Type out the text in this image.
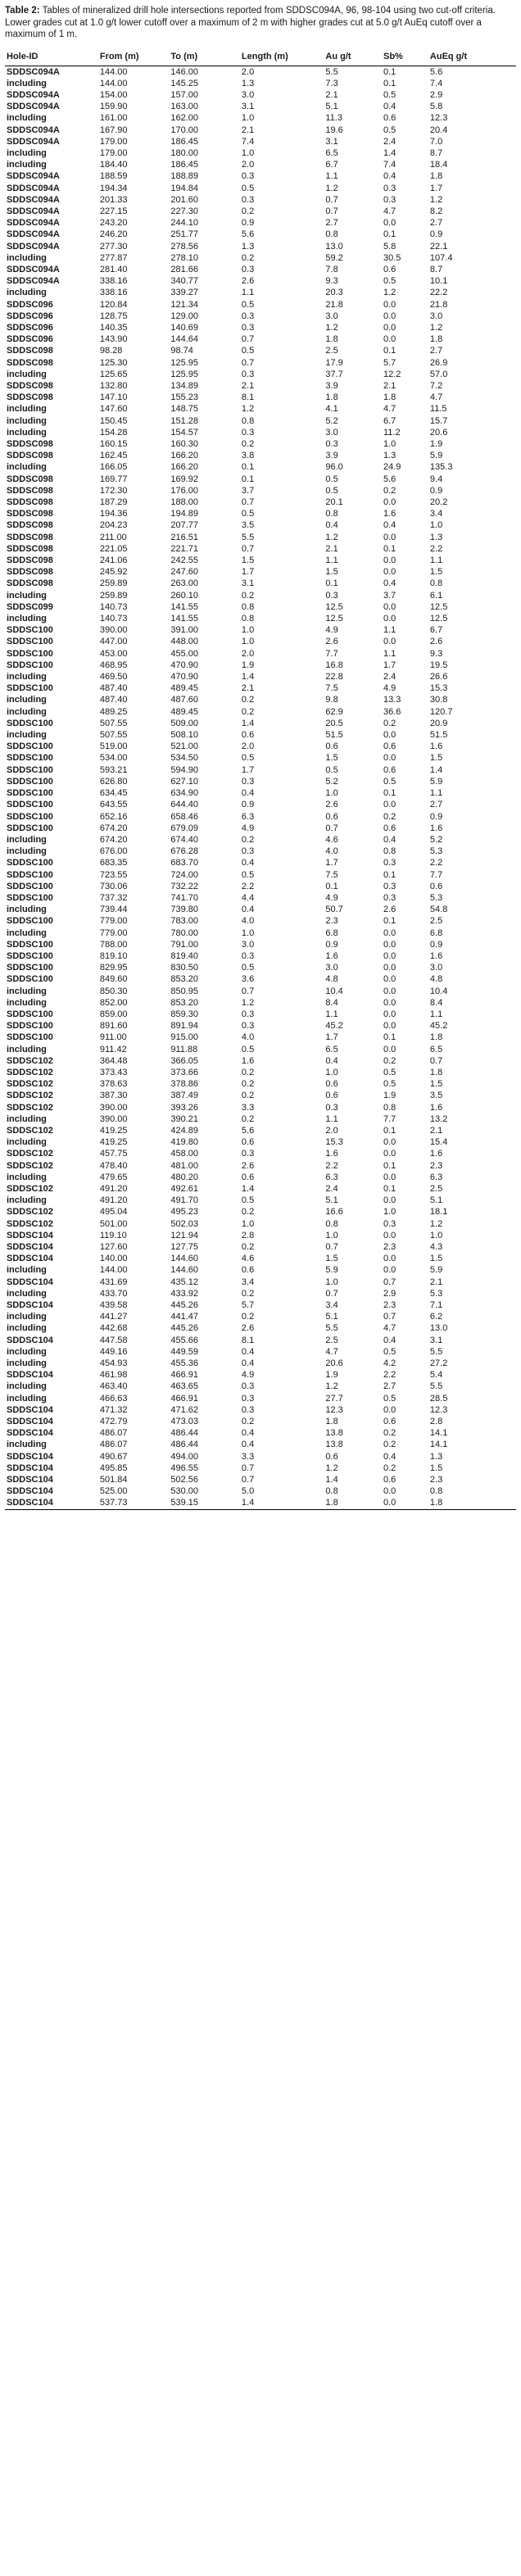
Table 2: Tables of mineralized drill hole intersections reported from SDDSC094A, 96, 98-104 using two cut-off criteria. Lower grades cut at 1.0 g/t lower cutoff over a maximum of 2 m with higher grades cut at 5.0 g/t AuEq cutoff over a maximum of 1 m.
Hole-ID	From (m)	To (m)	Length (m)	Au g/t	Sb%	AuEq g/t
SDDSC094A	144.00	146.00	2.0	5.5	0.1	5.6
including	144.00	145.25	1.3	7.3	0.1	7.4
SDDSC094A	154.00	157.00	3.0	2.1	0.5	2.9
SDDSC094A	159.90	163.00	3.1	5.1	0.4	5.8
including	161.00	162.00	1.0	11.3	0.6	12.3
SDDSC094A	167.90	170.00	2.1	19.6	0.5	20.4
SDDSC094A	179.00	186.45	7.4	3.1	2.4	7.0
including	179.00	180.00	1.0	6.5	1.4	8.7
including	184.40	186.45	2.0	6.7	7.4	18.4
SDDSC094A	188.59	188.89	0.3	1.1	0.4	1.8
SDDSC094A	194.34	194.84	0.5	1.2	0.3	1.7
SDDSC094A	201.33	201.60	0.3	0.7	0.3	1.2
SDDSC094A	227.15	227.30	0.2	0.7	4.7	8.2
SDDSC094A	243.20	244.10	0.9	2.7	0.0	2.7
SDDSC094A	246.20	251.77	5.6	0.8	0.1	0.9
SDDSC094A	277.30	278.56	1.3	13.0	5.8	22.1
including	277.87	278.10	0.2	59.2	30.5	107.4
SDDSC094A	281.40	281.66	0.3	7.8	0.6	8.7
SDDSC094A	338.16	340.77	2.6	9.3	0.5	10.1
including	338.16	339.27	1.1	20.3	1.2	22.2
SDDSC096	120.84	121.34	0.5	21.8	0.0	21.8
SDDSC096	128.75	129.00	0.3	3.0	0.0	3.0
SDDSC096	140.35	140.69	0.3	1.2	0.0	1.2
SDDSC096	143.90	144.64	0.7	1.8	0.0	1.8
SDDSC098	98.28	98.74	0.5	2.5	0.1	2.7
SDDSC098	125.30	125.95	0.7	17.9	5.7	26.9
including	125.65	125.95	0.3	37.7	12.2	57.0
SDDSC098	132.80	134.89	2.1	3.9	2.1	7.2
SDDSC098	147.10	155.23	8.1	1.8	1.8	4.7
including	147.60	148.75	1.2	4.1	4.7	11.5
including	150.45	151.28	0.8	5.2	6.7	15.7
including	154.28	154.57	0.3	3.0	11.2	20.6
SDDSC098	160.15	160.30	0.2	0.3	1.0	1.9
SDDSC098	162.45	166.20	3.8	3.9	1.3	5.9
including	166.05	166.20	0.1	96.0	24.9	135.3
SDDSC098	169.77	169.92	0.1	0.5	5.6	9.4
SDDSC098	172.30	176.00	3.7	0.5	0.2	0.9
SDDSC098	187.29	188.00	0.7	20.1	0.0	20.2
SDDSC098	194.36	194.89	0.5	0.8	1.6	3.4
SDDSC098	204.23	207.77	3.5	0.4	0.4	1.0
SDDSC098	211.00	216.51	5.5	1.2	0.0	1.3
SDDSC098	221.05	221.71	0.7	2.1	0.1	2.2
SDDSC098	241.06	242.55	1.5	1.1	0.0	1.1
SDDSC098	245.92	247.60	1.7	1.5	0.0	1.5
SDDSC098	259.89	263.00	3.1	0.1	0.4	0.8
including	259.89	260.10	0.2	0.3	3.7	6.1
SDDSC099	140.73	141.55	0.8	12.5	0.0	12.5
including	140.73	141.55	0.8	12.5	0.0	12.5
SDDSC100	390.00	391.00	1.0	4.9	1.1	6.7
SDDSC100	447.00	448.00	1.0	2.6	0.0	2.6
SDDSC100	453.00	455.00	2.0	7.7	1.1	9.3
SDDSC100	468.95	470.90	1.9	16.8	1.7	19.5
including	469.50	470.90	1.4	22.8	2.4	26.6
SDDSC100	487.40	489.45	2.1	7.5	4.9	15.3
including	487.40	487.60	0.2	9.8	13.3	30.8
including	489.25	489.45	0.2	62.9	36.6	120.7
SDDSC100	507.55	509.00	1.4	20.5	0.2	20.9
including	507.55	508.10	0.6	51.5	0.0	51.5
SDDSC100	519.00	521.00	2.0	0.6	0.6	1.6
SDDSC100	534.00	534.50	0.5	1.5	0.0	1.5
SDDSC100	593.21	594.90	1.7	0.5	0.6	1.4
SDDSC100	626.80	627.10	0.3	5.2	0.5	5.9
SDDSC100	634.45	634.90	0.4	1.0	0.1	1.1
SDDSC100	643.55	644.40	0.9	2.6	0.0	2.7
SDDSC100	652.16	658.46	6.3	0.6	0.2	0.9
SDDSC100	674.20	679.09	4.9	0.7	0.6	1.6
including	674.20	674.40	0.2	4.6	0.4	5.2
including	676.00	676.28	0.3	4.0	0.8	5.3
SDDSC100	683.35	683.70	0.4	1.7	0.3	2.2
SDDSC100	723.55	724.00	0.5	7.5	0.1	7.7
SDDSC100	730.06	732.22	2.2	0.1	0.3	0.6
SDDSC100	737.32	741.70	4.4	4.9	0.3	5.3
including	739.44	739.80	0.4	50.7	2.6	54.8
SDDSC100	779.00	783.00	4.0	2.3	0.1	2.5
including	779.00	780.00	1.0	6.8	0.0	6.8
SDDSC100	788.00	791.00	3.0	0.9	0.0	0.9
SDDSC100	819.10	819.40	0.3	1.6	0.0	1.6
SDDSC100	829.95	830.50	0.5	3.0	0.0	3.0
SDDSC100	849.60	853.20	3.6	4.8	0.0	4.8
including	850.30	850.95	0.7	10.4	0.0	10.4
including	852.00	853.20	1.2	8.4	0.0	8.4
SDDSC100	859.00	859.30	0.3	1.1	0.0	1.1
SDDSC100	891.60	891.94	0.3	45.2	0.0	45.2
SDDSC100	911.00	915.00	4.0	1.7	0.1	1.8
including	911.42	911.88	0.5	6.5	0.0	6.5
SDDSC102	364.48	366.05	1.6	0.4	0.2	0.7
SDDSC102	373.43	373.66	0.2	1.0	0.5	1.8
SDDSC102	378.63	378.86	0.2	0.6	0.5	1.5
SDDSC102	387.30	387.49	0.2	0.6	1.9	3.5
SDDSC102	390.00	393.26	3.3	0.3	0.8	1.6
including	390.00	390.21	0.2	1.1	7.7	13.2
SDDSC102	419.25	424.89	5.6	2.0	0.1	2.1
including	419.25	419.80	0.6	15.3	0.0	15.4
SDDSC102	457.75	458.00	0.3	1.6	0.0	1.6
SDDSC102	478.40	481.00	2.6	2.2	0.1	2.3
including	479.65	480.20	0.6	6.3	0.0	6.3
SDDSC102	491.20	492.61	1.4	2.4	0.1	2.5
including	491.20	491.70	0.5	5.1	0.0	5.1
SDDSC102	495.04	495.23	0.2	16.6	1.0	18.1
SDDSC102	501.00	502.03	1.0	0.8	0.3	1.2
SDDSC104	119.10	121.94	2.8	1.0	0.0	1.0
SDDSC104	127.60	127.75	0.2	0.7	2.3	4.3
SDDSC104	140.00	144.60	4.6	1.5	0.0	1.5
including	144.00	144.60	0.6	5.9	0.0	5.9
SDDSC104	431.69	435.12	3.4	1.0	0.7	2.1
including	433.70	433.92	0.2	0.7	2.9	5.3
SDDSC104	439.58	445.26	5.7	3.4	2.3	7.1
including	441.27	441.47	0.2	5.1	0.7	6.2
including	442.68	445.26	2.6	5.5	4.7	13.0
SDDSC104	447.58	455.66	8.1	2.5	0.4	3.1
including	449.16	449.59	0.4	4.7	0.5	5.5
including	454.93	455.36	0.4	20.6	4.2	27.2
SDDSC104	461.98	466.91	4.9	1.9	2.2	5.4
including	463.40	463.65	0.3	1.2	2.7	5.5
including	466.63	466.91	0.3	27.7	0.5	28.5
SDDSC104	471.32	471.62	0.3	12.3	0.0	12.3
SDDSC104	472.79	473.03	0.2	1.8	0.6	2.8
SDDSC104	486.07	486.44	0.4	13.8	0.2	14.1
including	486.07	486.44	0.4	13.8	0.2	14.1
SDDSC104	490.67	494.00	3.3	0.6	0.4	1.3
SDDSC104	495.85	496.55	0.7	1.2	0.2	1.5
SDDSC104	501.84	502.56	0.7	1.4	0.6	2.3
SDDSC104	525.00	530.00	5.0	0.8	0.0	0.8
SDDSC104	537.73	539.15	1.4	1.8	0.0	1.8
